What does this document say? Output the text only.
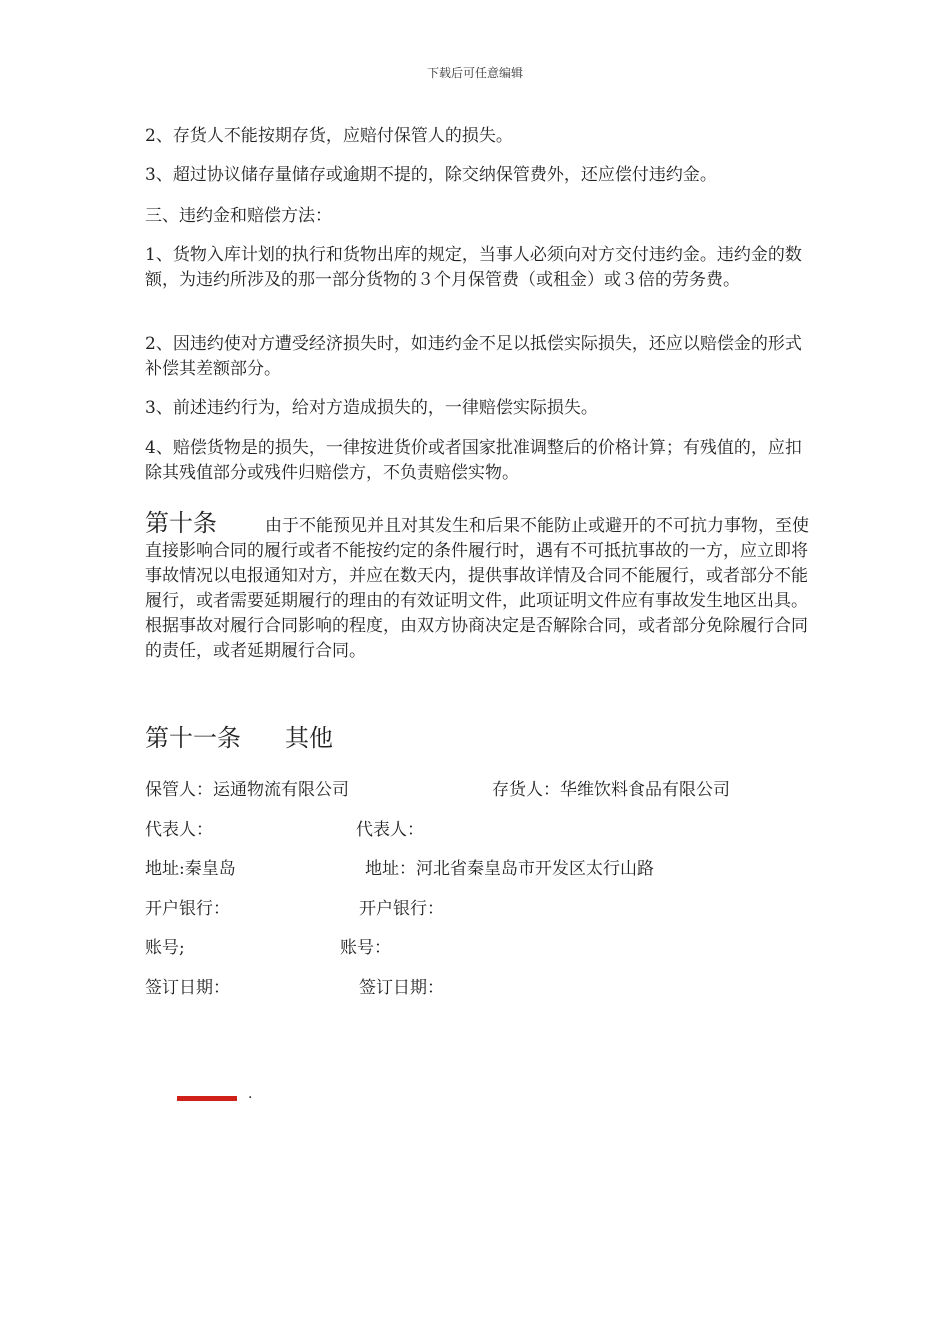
下载后可任意编辑

2、存货人不能按期存货，应赔付保管人的损失。

3、超过协议储存量储存或逾期不提的，除交纳保管费外，还应偿付违约金。

三、违约金和赔偿方法：

1、货物入库计划的执行和货物出库的规定，当事人必须向对方交付违约金。违约金的数额，为违约所涉及的那一部分货物的３个月保管费（或租金）或３倍的劳务费。

2、因违约使对方遭受经济损失时，如违约金不足以抵偿实际损失，还应以赔偿金的形式补偿其差额部分。

3、前述违约行为，给对方造成损失的，一律赔偿实际损失。

4、赔偿货物是的损失，一律按进货价或者国家批准调整后的价格计算；有残值的，应扣除其残值部分或残件归赔偿方，不负责赔偿实物。

第十条	由于不能预见并且对其发生和后果不能防止或避开的不可抗力事物，至使直接影响合同的履行或者不能按约定的条件履行时，遇有不可抵抗事故的一方，应立即将事故情况以电报通知对方，并应在数天内，提供事故详情及合同不能履行，或者部分不能履行，或者需要延期履行的理由的有效证明文件，此项证明文件应有事故发生地区出具。根据事故对履行合同影响的程度，由双方协商决定是否解除合同，或者部分免除履行合同的责任，或者延期履行合同。
第十一条 其他
保管人：运通物流有限公司	存货人：华维饮料食品有限公司
代表人：	代表人：
地址:秦皇岛	地址：河北省秦皇岛市开发区太行山路
开户银行：	开户银行：
账号;	账号：
签订日期：	签订日期：
.
